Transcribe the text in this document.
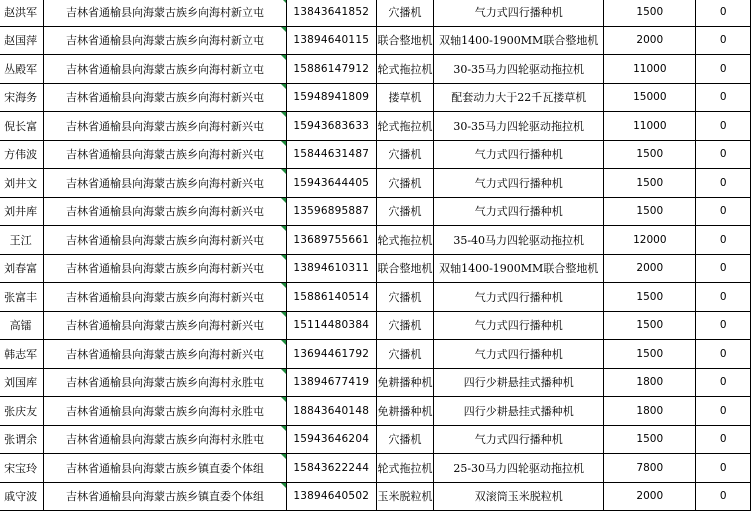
赵洪军	吉林省通榆县向海蒙古族乡向海村新立屯	13843641852	穴播机	气力式四行播种机	1500	0
赵国萍	吉林省通榆县向海蒙古族乡向海村新立屯	13894640115	联合整地机	双轴1400-1900MM联合整地机	2000	0
丛殿军	吉林省通榆县向海蒙古族乡向海村新立屯	15886147912	轮式拖拉机	30-35马力四轮驱动拖拉机	11000	0
宋海务	吉林省通榆县向海蒙古族乡向海村新兴屯	15948941809	搂草机	配套动力大于22千瓦搂草机	15000	0
倪长富	吉林省通榆县向海蒙古族乡向海村新兴屯	15943683633	轮式拖拉机	30-35马力四轮驱动拖拉机	11000	0
方伟波	吉林省通榆县向海蒙古族乡向海村新兴屯	15844631487	穴播机	气力式四行播种机	1500	0
刘井文	吉林省通榆县向海蒙古族乡向海村新兴屯	15943644405	穴播机	气力式四行播种机	1500	0
刘井库	吉林省通榆县向海蒙古族乡向海村新兴屯	13596895887	穴播机	气力式四行播种机	1500	0
王江	吉林省通榆县向海蒙古族乡向海村新兴屯	13689755661	轮式拖拉机	35-40马力四轮驱动拖拉机	12000	0
刘春富	吉林省通榆县向海蒙古族乡向海村新兴屯	13894610311	联合整地机	双轴1400-1900MM联合整地机	2000	0
张富丰	吉林省通榆县向海蒙古族乡向海村新兴屯	15886140514	穴播机	气力式四行播种机	1500	0
高镭	吉林省通榆县向海蒙古族乡向海村新兴屯	15114480384	穴播机	气力式四行播种机	1500	0
韩志军	吉林省通榆县向海蒙古族乡向海村新兴屯	13694461792	穴播机	气力式四行播种机	1500	0
刘国库	吉林省通榆县向海蒙古族乡向海村永胜屯	13894677419	免耕播种机	四行少耕悬挂式播种机	1800	0
张庆友	吉林省通榆县向海蒙古族乡向海村永胜屯	18843640148	免耕播种机	四行少耕悬挂式播种机	1800	0
张谓余	吉林省通榆县向海蒙古族乡向海村永胜屯	15943646204	穴播机	气力式四行播种机	1500	0
宋宝玲	吉林省通榆县向海蒙古族乡镇直委个体组	15843622244	轮式拖拉机	25-30马力四轮驱动拖拉机	7800	0
戚守波	吉林省通榆县向海蒙古族乡镇直委个体组	13894640502	玉米脱粒机	双滚筒玉米脱粒机	2000	0
